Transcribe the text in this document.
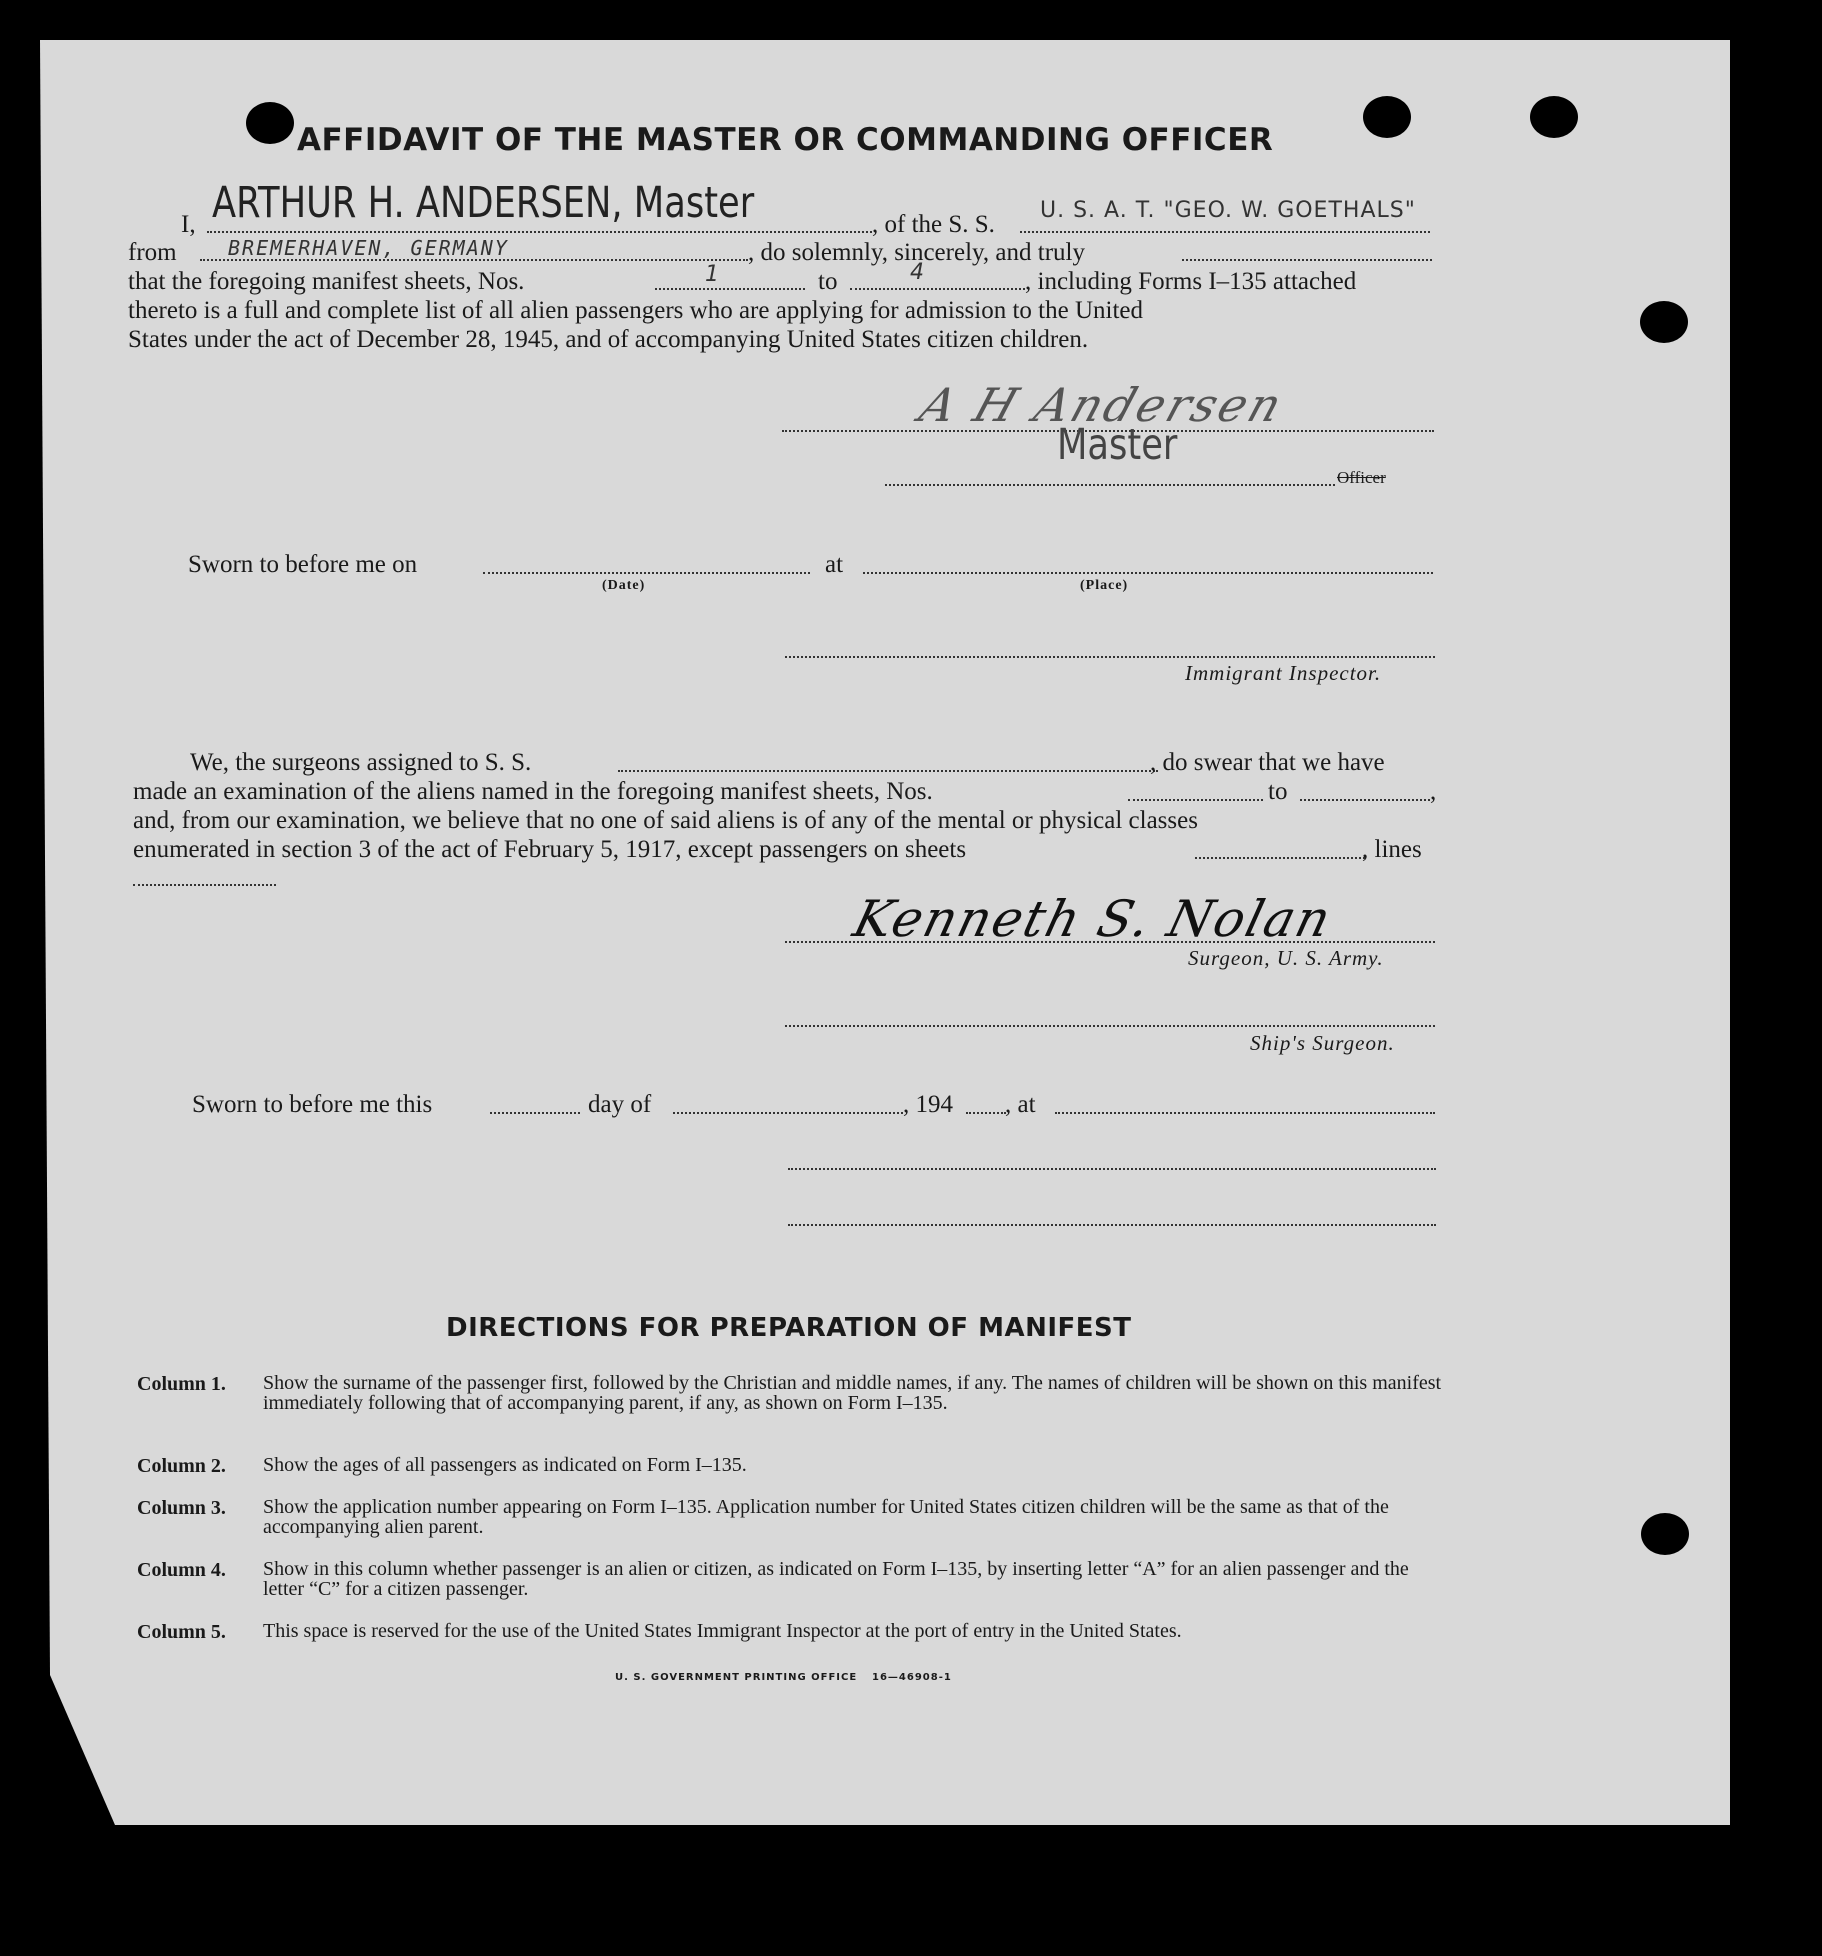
AFFIDAVIT OF THE MASTER OR COMMANDING OFFICER
I, ARTHUR H. ANDERSEN, Master	, of the S. S.
U. S. A. T. "GEO. W. GOETHALS"
from	BREMERHAVEN, GERMANY	, do solemnly, sincerely, and truly
that the foregoing manifest sheets, Nos.	1	to	4	, including Forms I–135 attached
thereto is a full and complete list of all alien passengers who are applying for admission to the United
States under the act of December 28, 1945, and of accompanying United States citizen children.
A H Andersen
Master
Officer
Sworn to before me on	at
(Date)	(Place)
Immigrant Inspector.
We, the surgeons assigned to S. S.	, do swear that we have
made an examination of the aliens named in the foregoing manifest sheets, Nos.	to	,
and, from our examination, we believe that no one of said aliens is of any of the mental or physical classes
enumerated in section 3 of the act of February 5, 1917, except passengers on sheets	, lines
Kenneth S. Nolan
Surgeon, U. S. Army.
Ship's Surgeon.
Sworn to before me this	day of	, 194 , at
DIRECTIONS FOR PREPARATION OF MANIFEST
Column 1.	Show the surname of the passenger first, followed by the Christian and middle names, if any. The names of children will be shown on this manifest immediately following that of accompanying parent, if any, as shown on Form I–135.
Column 2. Show the ages of all passengers as indicated on Form I–135.
Column 3. Show the application number appearing on Form I–135. Application number for United States citizen children will be the same as that of the accompanying alien parent.
Column 4. Show in this column whether passenger is an alien or citizen, as indicated on Form I–135, by inserting letter “A” for an alien passenger and the letter “C” for a citizen passenger.
Column 5. This space is reserved for the use of the United States Immigrant Inspector at the port of entry in the United States.
U. S. GOVERNMENT PRINTING OFFICE 16—46908-1
